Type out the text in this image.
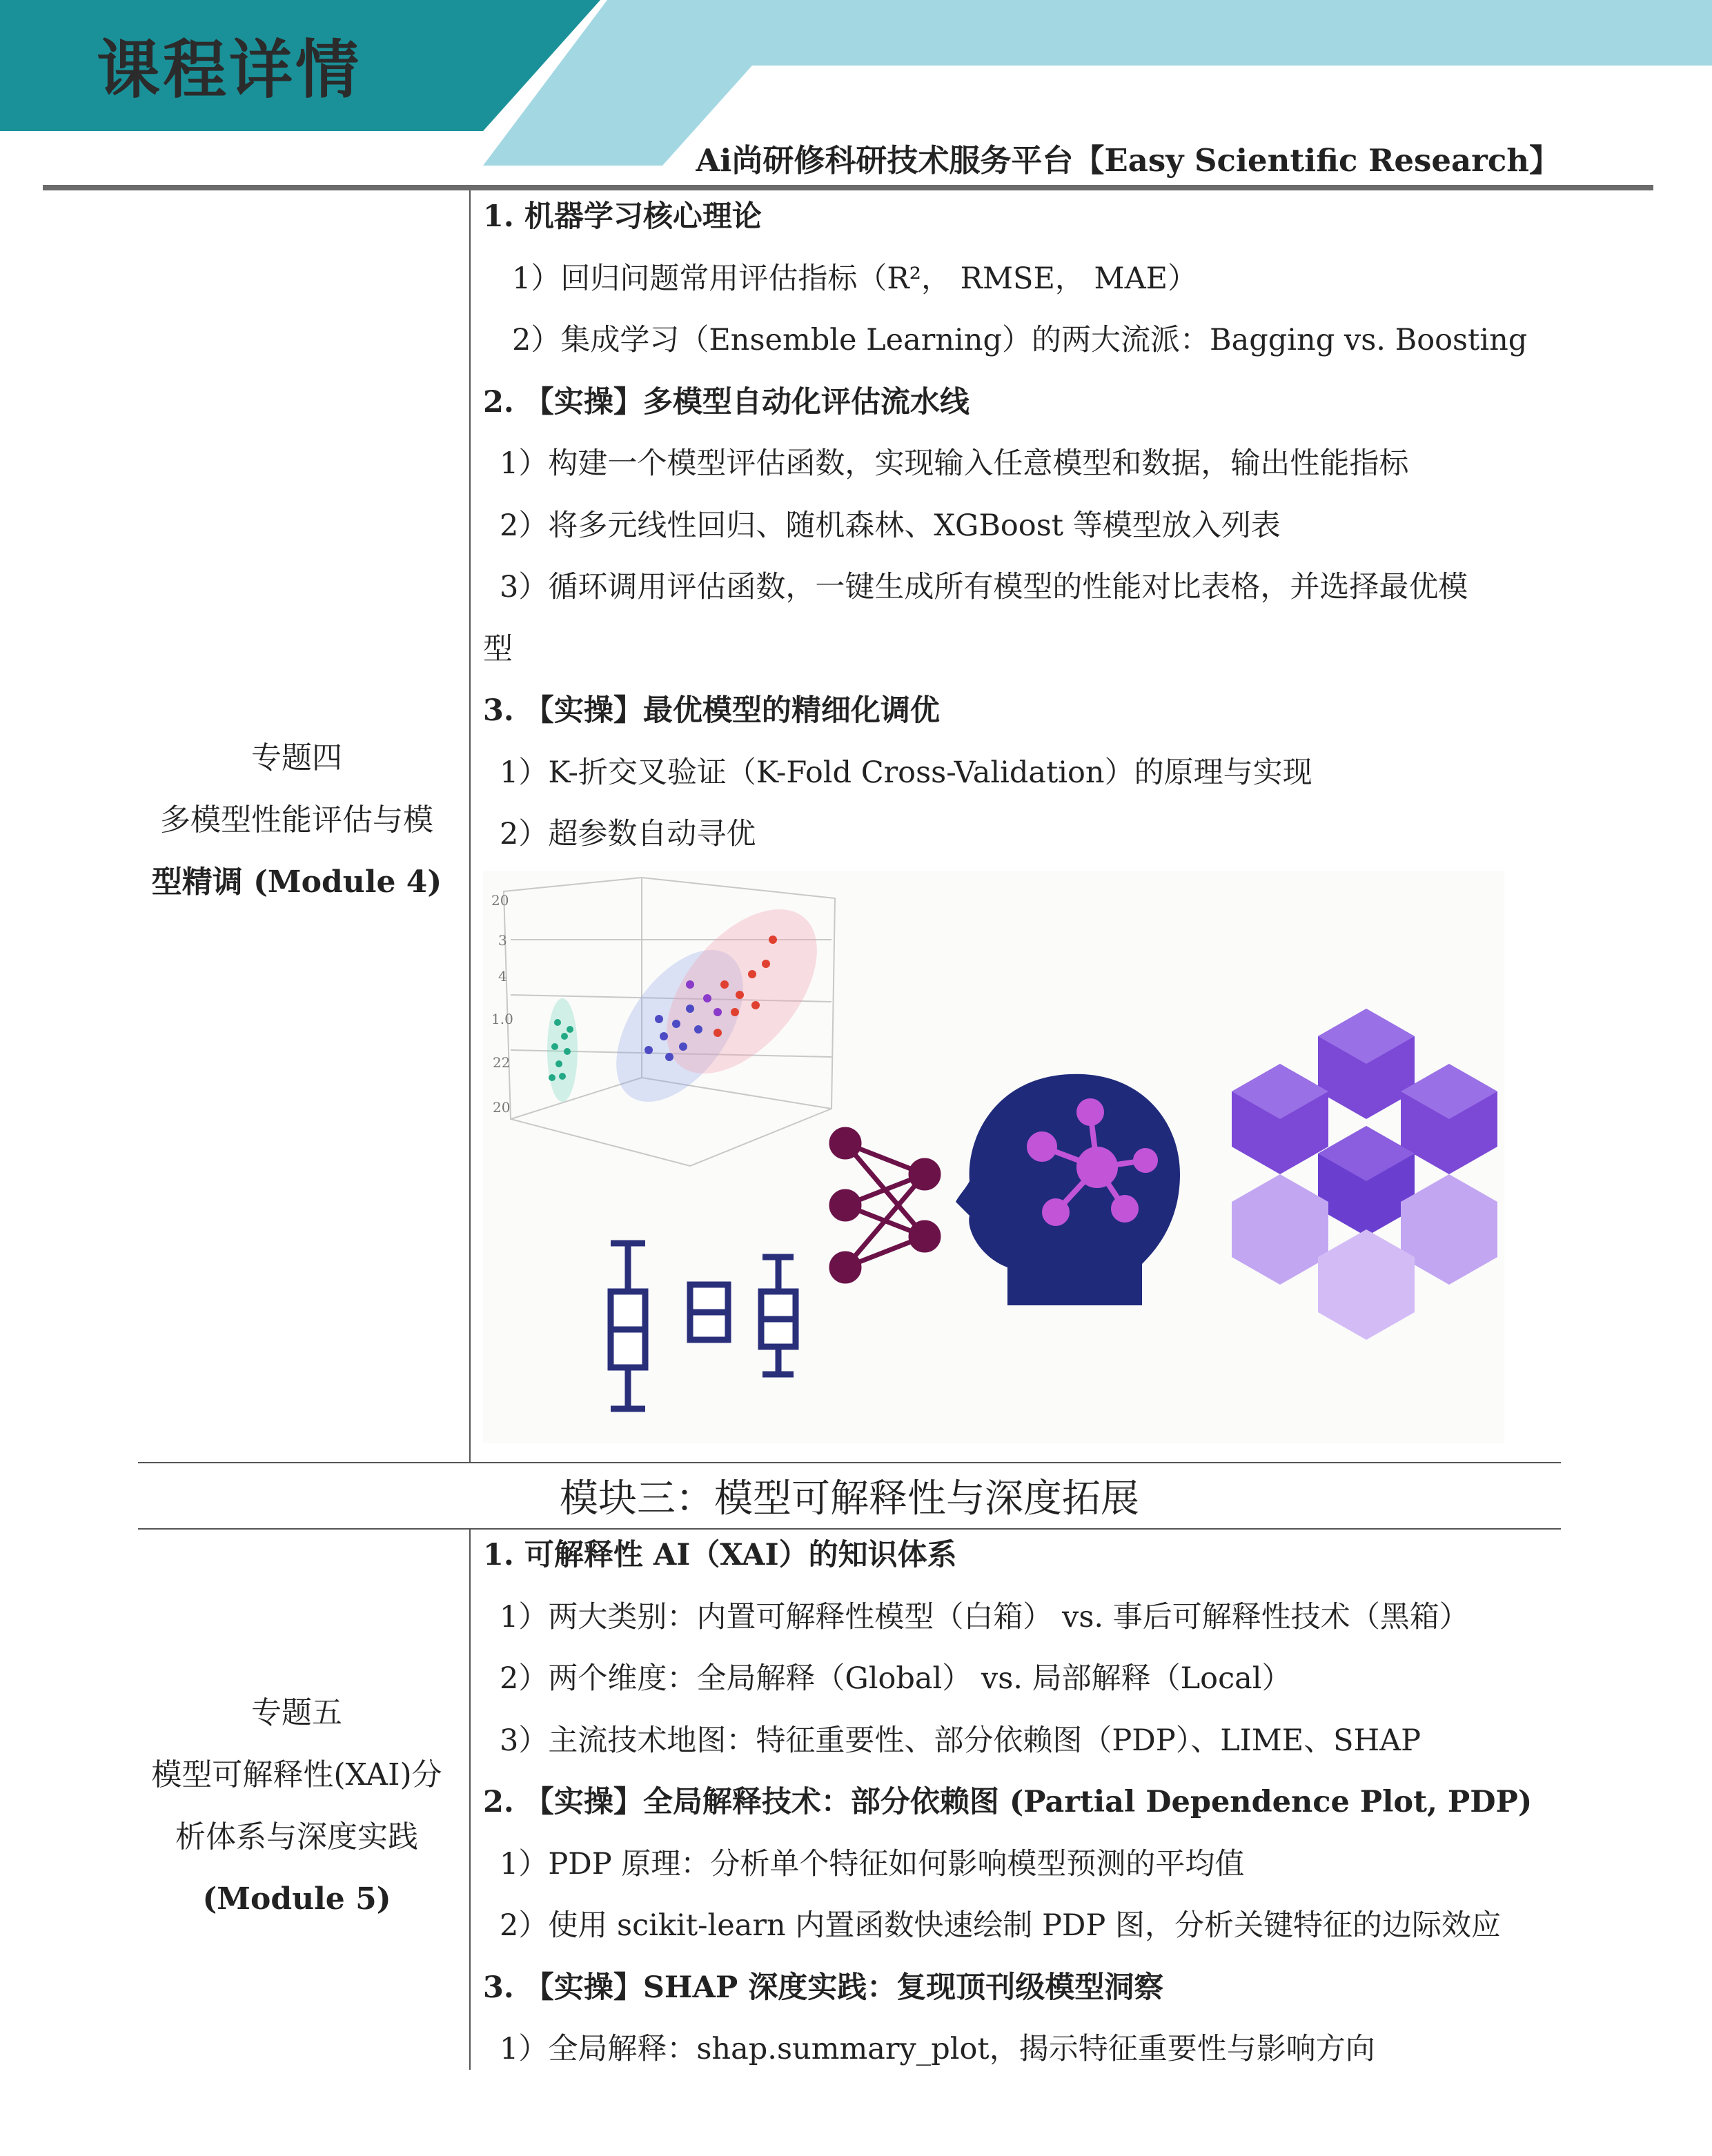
课程详情
Ai尚研修科研技术服务平台【Easy Scientific Research】
专题四
多模型性能评估与模
型精调 (Module 4)
1. 机器学习核心理论
1）回归问题常用评估指标（R²， RMSE， MAE）
2）集成学习（Ensemble Learning）的两大流派：Bagging vs. Boosting
2. 【实操】多模型自动化评估流水线
1）构建一个模型评估函数，实现输入任意模型和数据，输出性能指标
2）将多元线性回归、随机森林、XGBoost 等模型放入列表
3）循环调用评估函数，一键生成所有模型的性能对比表格，并选择最优模
型
3. 【实操】最优模型的精细化调优
1）K-折交叉验证（K-Fold Cross-Validation）的原理与实现
2）超参数自动寻优
20
3
4
1.0
22
20
模块三：模型可解释性与深度拓展
专题五
模型可解释性(XAI)分
析体系与深度实践
(Module 5)
1. 可解释性 AI（XAI）的知识体系
1）两大类别：内置可解释性模型（白箱） vs. 事后可解释性技术（黑箱）
2）两个维度：全局解释（Global） vs. 局部解释（Local）
3）主流技术地图：特征重要性、部分依赖图（PDP）、LIME、SHAP
2. 【实操】全局解释技术：部分依赖图 (Partial Dependence Plot, PDP)
1）PDP 原理：分析单个特征如何影响模型预测的平均值
2）使用 scikit-learn 内置函数快速绘制 PDP 图，分析关键特征的边际效应
3. 【实操】SHAP 深度实践：复现顶刊级模型洞察
1）全局解释：shap.summary_plot，揭示特征重要性与影响方向
